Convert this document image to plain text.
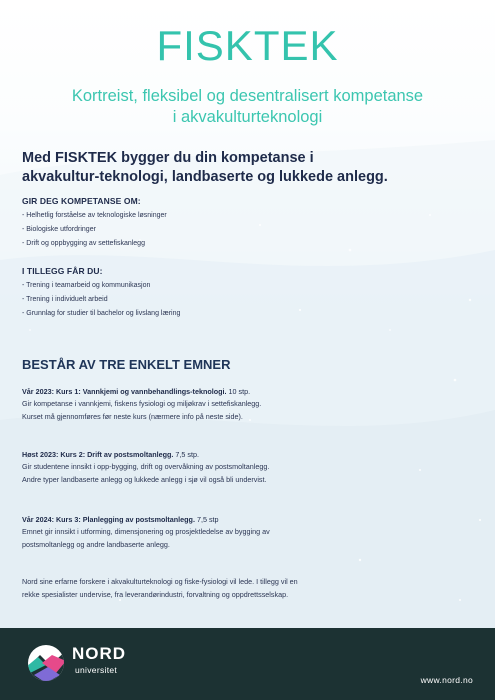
FISKTEK
Kortreist, fleksibel og desentralisert kompetanse
i akvakulturteknologi
Med FISKTEK bygger du din kompetanse i
akvakultur-teknologi, landbaserte og lukkede anlegg.
GIR DEG KOMPETANSE OM:
- Helhetlig forståelse av teknologiske løsninger
- Biologiske utfordringer
- Drift og oppbygging av settefiskanlegg
I TILLEGG FÅR DU:
- Trening i teamarbeid og kommunikasjon
- Trening i individuelt arbeid
- Grunnlag for studier til bachelor og livslang læring
BESTÅR AV TRE ENKELT EMNER
Vår 2023: Kurs 1: Vannkjemi og vannbehandlings-teknologi. 10 stp.
Gir kompetanse i vannkjemi, fiskens fysiologi og miljøkrav i settefiskanlegg.
Kurset må gjennomføres før neste kurs (nærmere info på neste side).
Høst 2023: Kurs 2: Drift av postsmoltanlegg. 7,5 stp.
Gir studentene innsikt i opp-bygging, drift og overvåkning av postsmoltanlegg.
Andre typer landbaserte anlegg og lukkede anlegg i sjø vil også bli undervist.
Vår 2024: Kurs 3: Planlegging av postsmoltanlegg. 7,5 stp
Emnet gir innsikt i utforming, dimensjonering og prosjektledelse av bygging av
postsmoltanlegg og andre landbaserte anlegg.
Nord sine erfarne forskere i akvakulturteknologi og fiske-fysiologi vil lede. I tillegg vil en
rekke spesialister undervise, fra leverandørindustri, forvaltning og oppdrettsselskap.
NORD
universitet
www.nord.no
